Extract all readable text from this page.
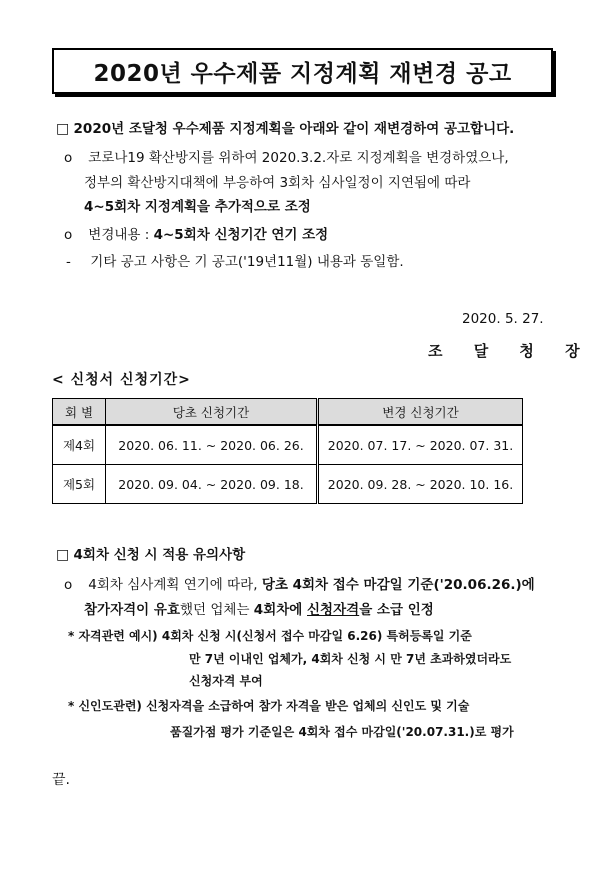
2020년 우수제품 지정계획 재변경 공고
□ 2020년 조달청 우수제품 지정계획을 아래와 같이 재변경하여 공고합니다.
o 코로나19 확산방지를 위하여 2020.3.2.자로 지정계획을 변경하였으나,
정부의 확산방지대책에 부응하여 3회차 심사일정이 지연됨에 따라
4~5회차 지정계획을 추가적으로 조정
o 변경내용 : 4~5회차 신청기간 연기 조정
- 기타 공고 사항은 기 공고('19년11월) 내용과 동일함.
2020. 5. 27.
조 달 청 장
< 신청서 신청기간>
회 별	당초 신청기간	변경 신청기간
제4회	2020. 06. 11. ~ 2020. 06. 26.	2020. 07. 17. ~ 2020. 07. 31.
제5회	2020. 09. 04. ~ 2020. 09. 18.	2020. 09. 28. ~ 2020. 10. 16.
□ 4회차 신청 시 적용 유의사항
o 4회차 심사계획 연기에 따라, 당초 4회차 접수 마감일 기준('20.06.26.)에
참가자격이 유효했던 업체는 4회차에 신청자격을 소급 인정
* 자격관련 예시) 4회차 신청 시(신청서 접수 마감일 6.26) 특허등록일 기준
만 7년 이내인 업체가, 4회차 신청 시 만 7년 초과하였더라도
신청자격 부여
* 신인도관련) 신청자격을 소급하여 참가 자격을 받은 업체의 신인도 및 기술
품질가점 평가 기준일은 4회차 접수 마감일('20.07.31.)로 평가
끝.
